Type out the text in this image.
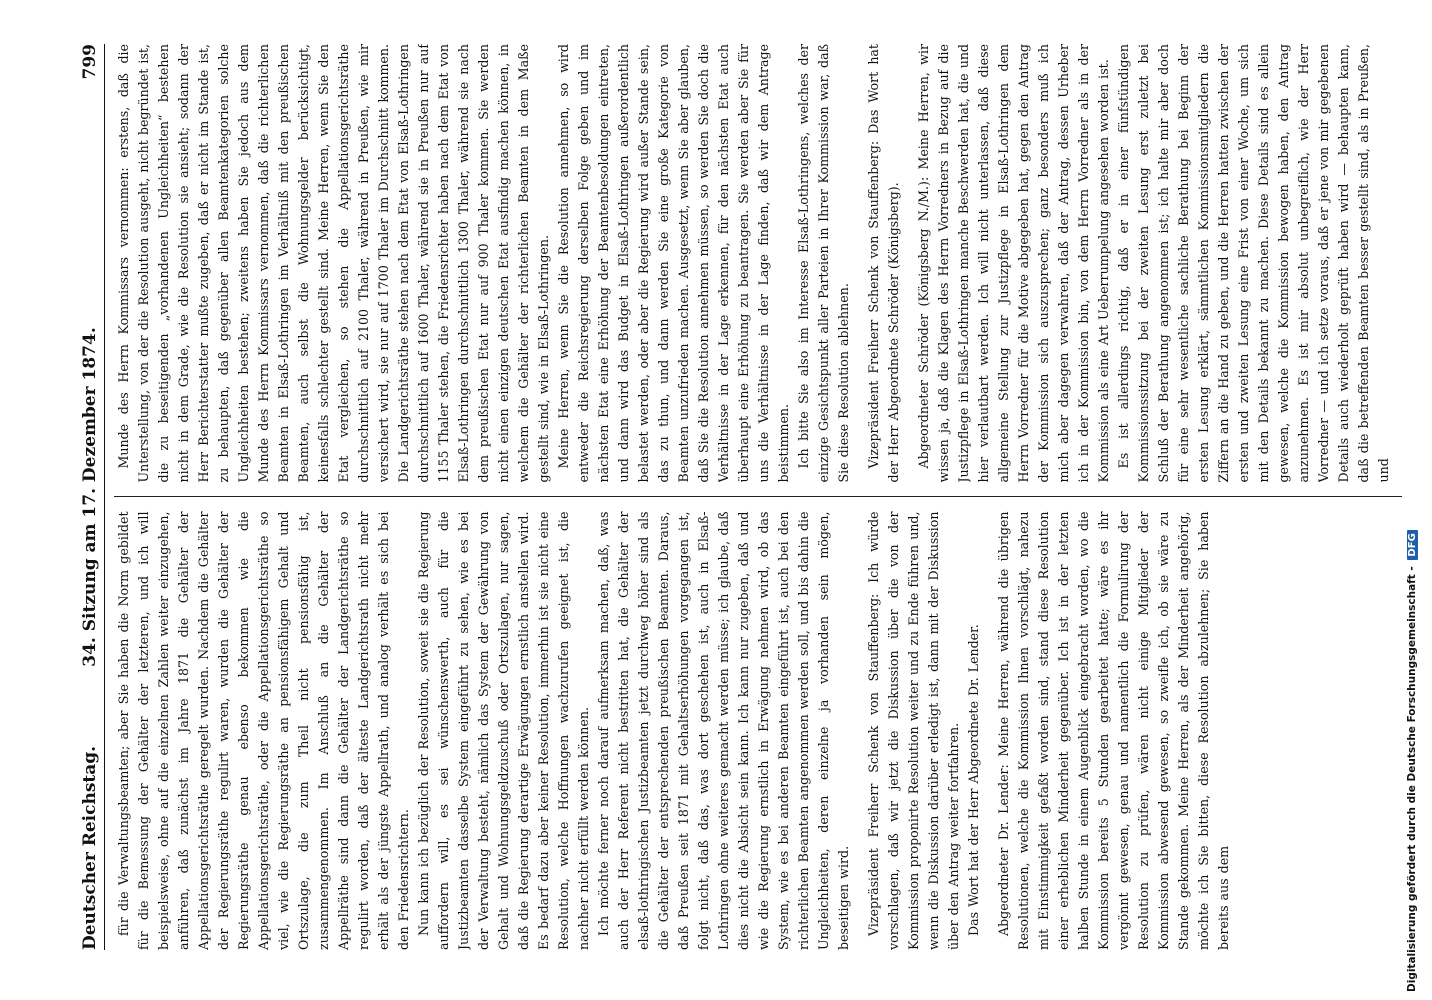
Deutscher Reichstag.
34. Sitzung am 17. Dezember 1874.
799

für die Verwaltungsbeamten; aber Sie haben die Norm gebildet für die Bemessung der Gehälter der letzteren, und ich will beispielsweise, ohne auf die einzelnen Zahlen weiter einzugehen, anführen, daß zunächst im Jahre 1871 die Gehälter der Appellationsgerichtsräthe geregelt wurden. Nachdem die Gehälter der Regierungsräthe regulirt waren, wurden die Gehälter der Regierungsräthe genau ebenso bekommen wie die Appellationsgerichtsräthe, oder die Appellationsgerichtsräthe so viel, wie die Regierungsräthe an pensionsfähigem Gehalt und Ortszulage, die zum Theil nicht pensionsfähig ist, zusammengenommen. Im Anschluß an die Gehälter der Appellräthe sind dann die Gehälter der Landgerichtsräthe so regulirt worden, daß der älteste Landgerichtsrath nicht mehr erhält als der jüngste Appellrath, und analog verhält es sich bei den Friedensrichtern. Nun kann ich bezüglich der Resolution, soweit sie die Regierung auffordern will, es sei wünschenswerth, auch für die Justizbeamten dasselbe System eingeführt zu sehen, wie es bei der Verwaltung besteht, nämlich das System der Gewährung von Gehalt und Wohnungsgeldzuschuß oder Ortszulagen, nur sagen, daß die Regierung derartige Erwägungen ernstlich anstellen wird. Es bedarf dazu aber keiner Resolution, immerhin ist sie nicht eine Resolution, welche Hoffnungen wachzurufen geeignet ist, die nachher nicht erfüllt werden können. Ich möchte ferner noch darauf aufmerksam machen, daß, was auch der Herr Referent nicht bestritten hat, die Gehälter der elsaß-lothringischen Justizbeamten jetzt durchweg höher sind als die Gehälter der entsprechenden preußischen Beamten. Daraus, daß Preußen seit 1871 mit Gehaltserhöhungen vorgegangen ist, folgt nicht, daß das, was dort geschehen ist, auch in Elsaß-Lothringen ohne weiteres gemacht werden müsse; ich glaube, daß dies nicht die Absicht sein kann. Ich kann nur zugeben, daß und wie die Regierung ernstlich in Erwägung nehmen wird, ob das System, wie es bei anderen Beamten eingeführt ist, auch bei den richterlichen Beamten angenommen werden soll, und bis dahin die Ungleichheiten, deren einzelne ja vorhanden sein mögen, beseitigen wird. Vizepräsident Freiherr Schenk von Stauffenberg: Ich würde vorschlagen, daß wir jetzt die Diskussion über die von der Kommission proponirte Resolution weiter und zu Ende führen und, wenn die Diskussion darüber erledigt ist, dann mit der Diskussion über den Antrag weiter fortfahren. Das Wort hat der Herr Abgeordnete Dr. Lender. Abgeordneter Dr. Lender: Meine Herren, während die übrigen Resolutionen, welche die Kommission Ihnen vorschlägt, nahezu mit Einstimmigkeit gefaßt worden sind, stand diese Resolution einer erheblichen Minderheit gegenüber. Ich ist in der letzten halben Stunde in einem Augenblick eingebracht worden, wo die Kommission bereits 5 Stunden gearbeitet hatte; wäre es ihr vergönnt gewesen, genau und namentlich die Formulirung der Resolution zu prüfen, wären nicht einige Mitglieder der Kommission abwesend gewesen, so zweifle ich, ob sie wäre zu Stande gekommen. Meine Herren, als der Minderheit angehörig, möchte ich Sie bitten, diese Resolution abzulehnen; Sie haben bereits aus dem

Munde des Herrn Kommissars vernommen: erstens, daß die Unterstellung, von der die Resolution ausgeht, nicht begründet ist, die zu beseitigenden „vorhandenen Ungleichheiten“ bestehen nicht in dem Grade, wie die Resolution sie ansieht; sodann der Herr Berichterstatter mußte zugeben, daß er nicht im Stande ist, zu behaupten, daß gegenüber allen Beamtenkategorien solche Ungleichheiten bestehen; zweitens haben Sie jedoch aus dem Munde des Herrn Kommissars vernommen, daß die richterlichen Beamten in Elsaß-Lothringen im Verhältniß mit den preußischen Beamten, auch selbst die Wohnungsgelder berücksichtigt, keinesfalls schlechter gestellt sind. Meine Herren, wenn Sie den Etat vergleichen, so stehen die Appellationsgerichtsräthe durchschnittlich auf 2100 Thaler, während in Preußen, wie mir versichert wird, sie nur auf 1700 Thaler im Durchschnitt kommen. Die Landgerichtsräthe stehen nach dem Etat von Elsaß-Lothringen durchschnittlich auf 1600 Thaler, während sie in Preußen nur auf 1155 Thaler stehen, die Friedensrichter haben nach dem Etat von Elsaß-Lothringen durchschnittlich 1300 Thaler, während sie nach dem preußischen Etat nur auf 900 Thaler kommen. Sie werden nicht einen einzigen deutschen Etat ausfindig machen können, in welchem die Gehälter der richterlichen Beamten in dem Maße gestellt sind, wie in Elsaß-Lothringen. Meine Herren, wenn Sie die Resolution annehmen, so wird entweder die Reichsregierung derselben Folge geben und im nächsten Etat eine Erhöhung der Beamtenbesoldungen eintreten, und dann wird das Budget in Elsaß-Lothringen außerordentlich belastet werden, oder aber die Regierung wird außer Stande sein, das zu thun, und dann werden Sie eine große Kategorie von Beamten unzufrieden machen. Ausgesetzt, wenn Sie aber glauben, daß Sie die Resolution annehmen müssen, so werden Sie doch die Verhältnisse in der Lage erkennen, für den nächsten Etat auch überhaupt eine Erhöhung zu beantragen. Sie werden aber Sie für uns die Verhältnisse in der Lage finden, daß wir dem Antrage beistimmen. Ich bitte Sie also im Interesse Elsaß-Lothringens, welches der einzige Gesichtspunkt aller Parteien in Ihrer Kommission war, daß Sie diese Resolution ablehnen. Vizepräsident Freiherr Schenk von Stauffenberg: Das Wort hat der Herr Abgeordnete Schröder (Königsberg). Abgeordneter Schröder (Königsberg N./M.): Meine Herren, wir wissen ja, daß die Klagen des Herrn Vorredners in Bezug auf die Justizpflege in Elsaß-Lothringen manche Beschwerden hat, die und hier verlautbart werden. Ich will nicht unterlassen, daß diese allgemeine Stellung zur Justizpflege in Elsaß-Lothringen dem Herrn Vorredner für die Motive abgegeben hat, gegen den Antrag der Kommission sich auszusprechen; ganz besonders muß ich mich aber dagegen verwahren, daß der Antrag, dessen Urheber ich in der Kommission bin, von dem Herrn Vorredner als in der Kommission als eine Art Ueberrumpelung angesehen worden ist. Es ist allerdings richtig, daß er in einer fünfstündigen Kommissionssitzung bei der zweiten Lesung erst zuletzt bei Schluß der Berathung angenommen ist; ich halte mir aber doch für eine sehr wesentliche sachliche Berathung bei Beginn der ersten Lesung erklärt, sämmtlichen Kommissionsmitgliedern die Ziffern an die Hand zu geben, und die Herren hatten zwischen der ersten und zweiten Lesung eine Frist von einer Woche, um sich mit den Details bekannt zu machen. Diese Details sind es allein gewesen, welche die Kommission bewogen haben, den Antrag anzunehmen. Es ist mir absolut unbegreiflich, wie der Herr Vorredner — und ich setze voraus, daß er jene von mir gegebenen Details auch wiederholt geprüft haben wird — behaupten kann, daß die betreffenden Beamten besser gestellt sind, als in Preußen, und

Digitalisierung gefördert durch die Deutsche Forschungsgemeinschaft - DFG
